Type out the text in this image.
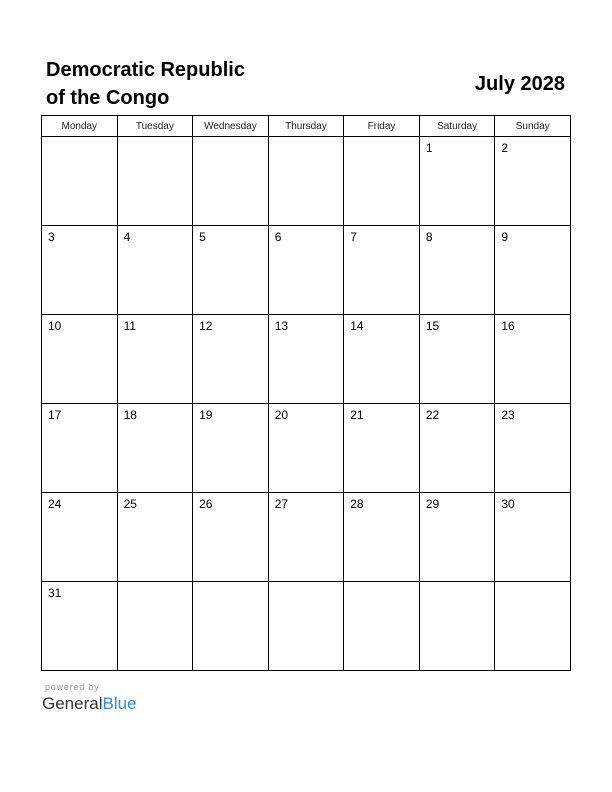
Democratic Republic
of the Congo
July 2028
Monday	Tuesday	Wednesday	Thursday	Friday	Saturday	Sunday

					1	2

3	4	5	6	7	8	9

10	11	12	13	14	15	16

17	18	19	20	21	22	23

24	25	26	27	28	29	30

31						

powered by
GeneralBlue
